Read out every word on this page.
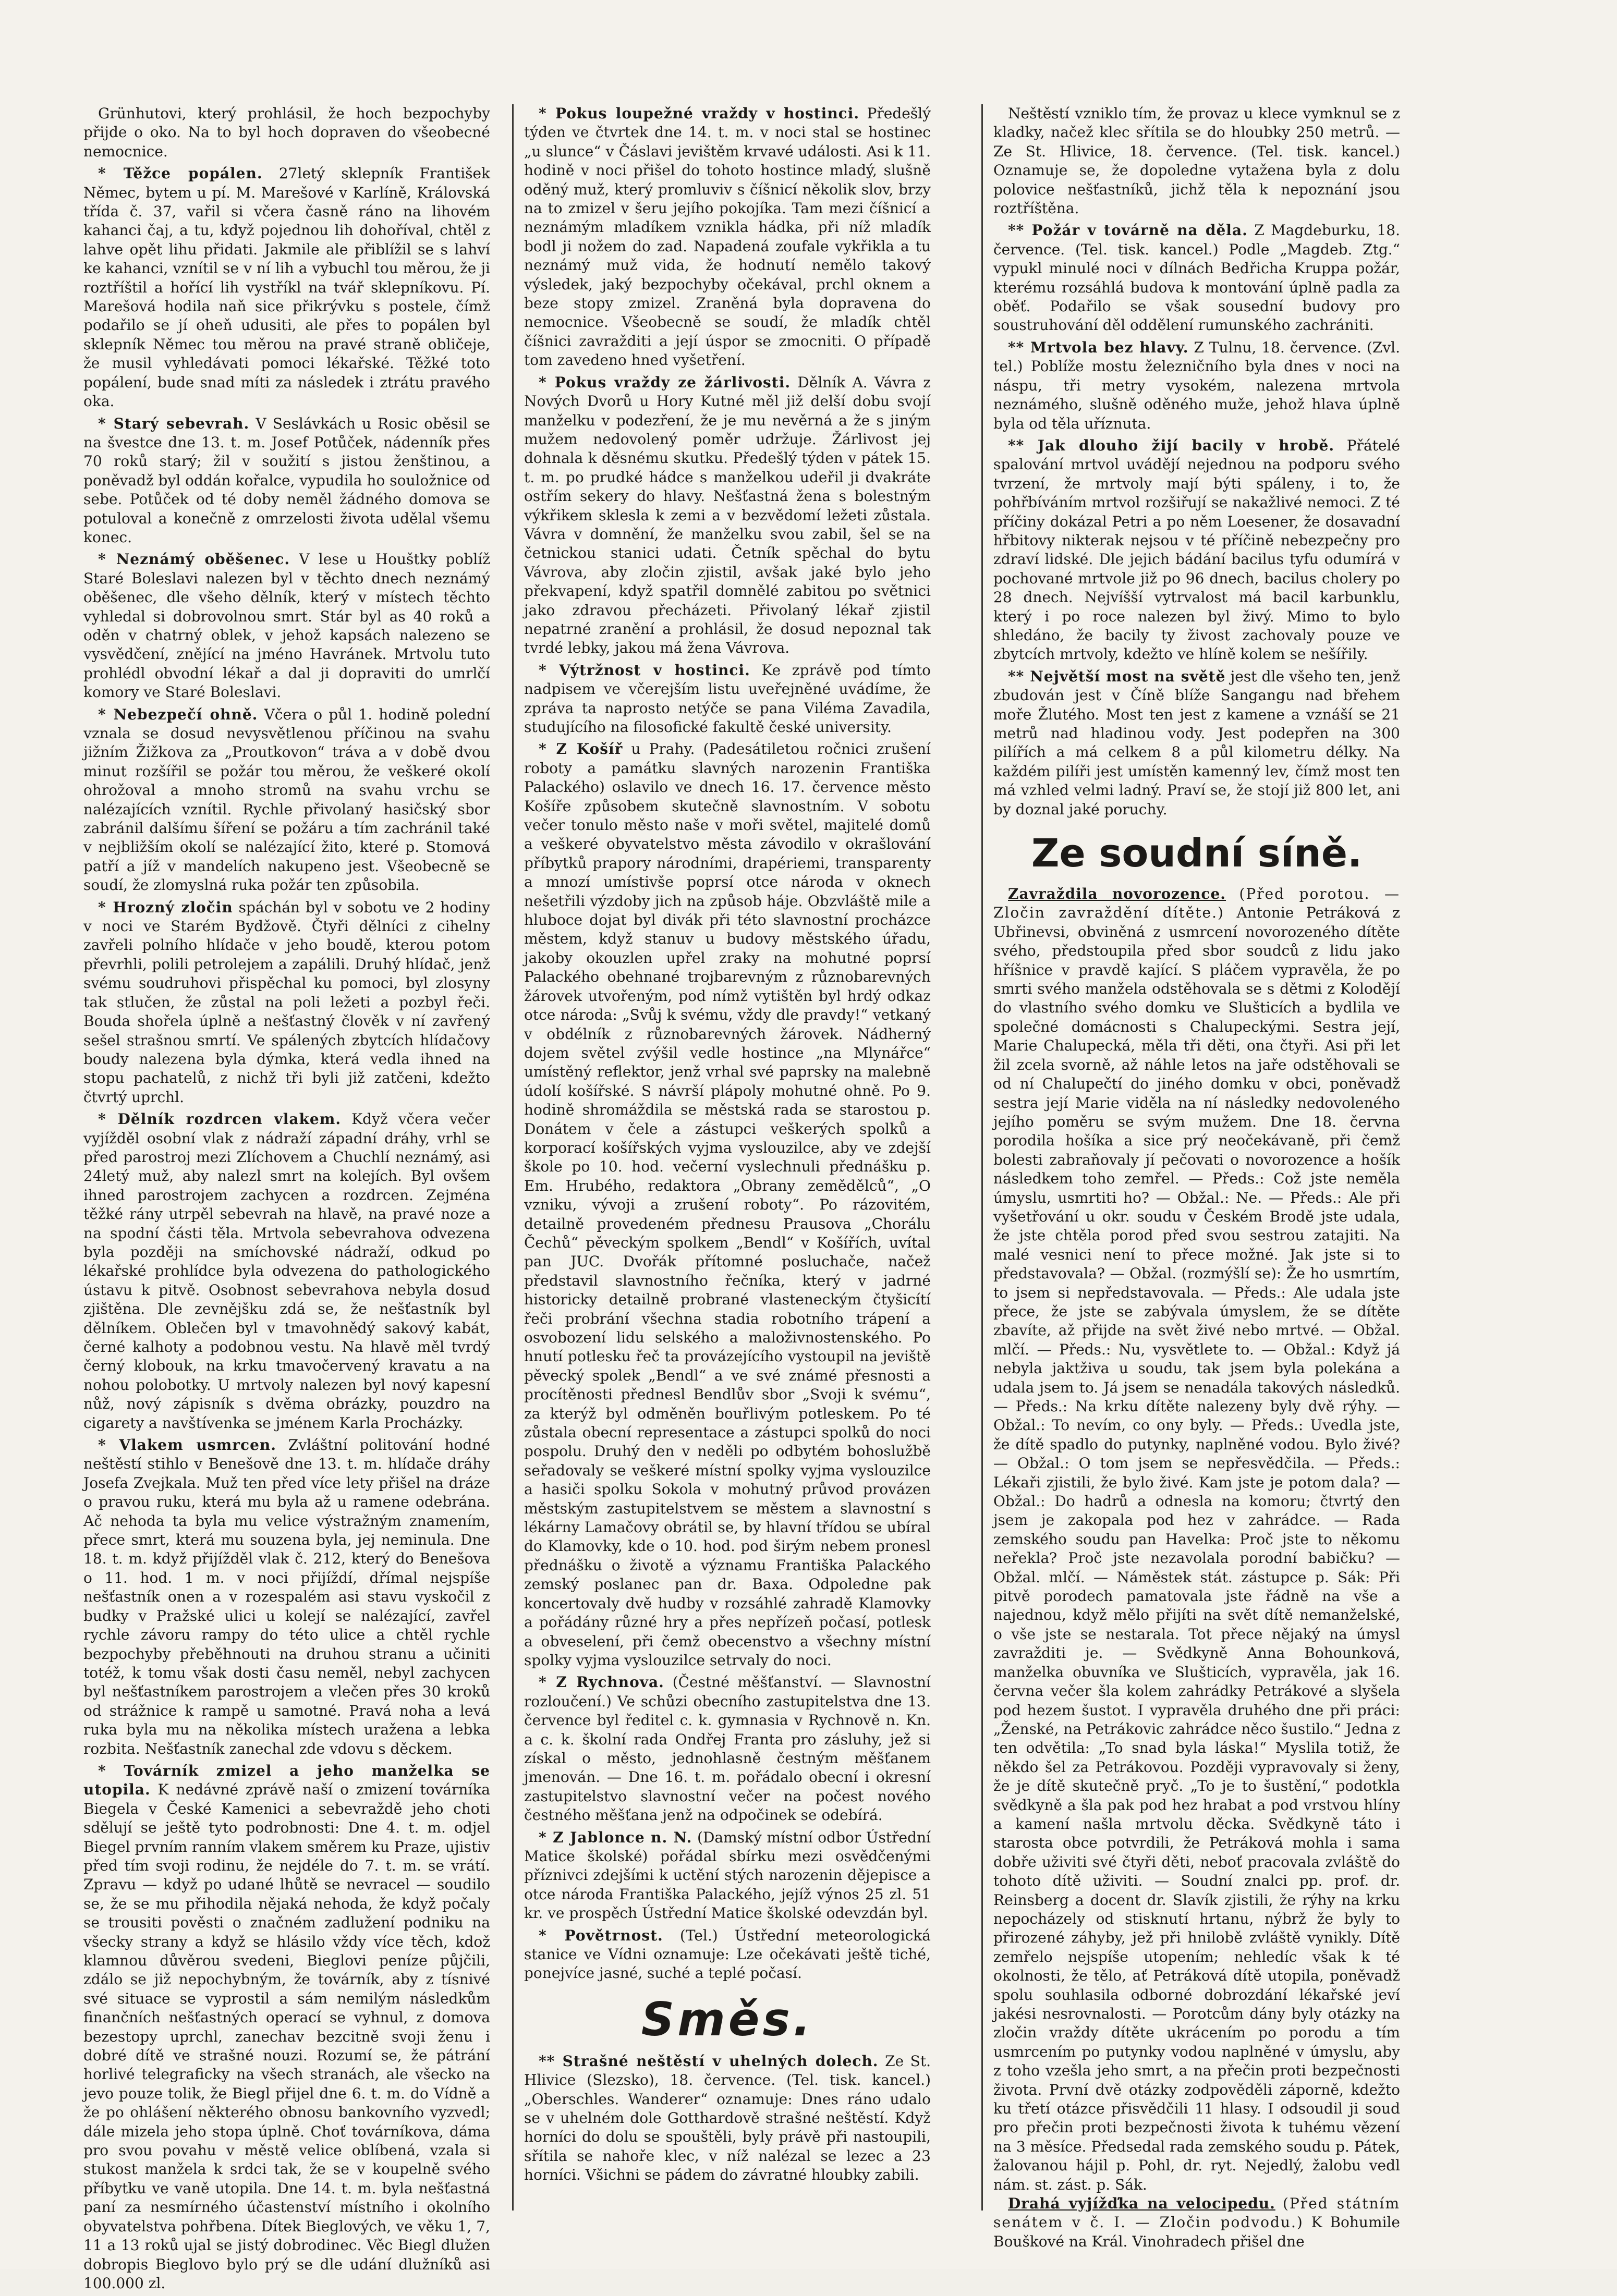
Grünhutovi, který prohlásil, že hoch bezpochyby přijde o oko. Na to byl hoch dopraven do všeobecné nemocnice.

* Těžce popálen. 27letý sklepník František Němec, bytem u pí. M. Marešové v Karlíně, Královská třída č. 37, vařil si včera časně ráno na lihovém kahanci čaj, a tu, když pojednou lih dohoříval, chtěl z lahve opět lihu přidati. Jakmile ale přiblížil se s lahví ke kahanci, vznítil se v ní lih a vybuchl tou měrou, že ji roztříštil a hořící lih vystříkl na tvář sklepníkovu. Pí. Marešová hodila naň sice přikrývku s postele, čímž podařilo se jí oheň udusiti, ale přes to popálen byl sklepník Němec tou měrou na pravé straně obličeje, že musil vyhledávati pomoci lékařské. Těžké toto popálení, bude snad míti za následek i ztrátu pravého oka.

* Starý sebevrah. V Seslávkách u Rosic oběsil se na švestce dne 13. t. m. Josef Potůček, nádenník přes 70 roků starý; žil v soužití s jistou ženštinou, a poněvadž byl oddán kořalce, vypudila ho souložnice od sebe. Potůček od té doby neměl žádného domova se potuloval a konečně z omrzelosti života udělal všemu konec.

* Neznámý oběšenec. V lese u Houštky poblíž Staré Boleslavi nalezen byl v těchto dnech neznámý oběšenec, dle všeho dělník, který v místech těchto vyhledal si dobrovolnou smrt. Stár byl as 40 roků a oděn v chatrný oblek, v jehož kapsách nalezeno se vysvědčení, znějící na jméno Havránek. Mrtvolu tuto prohlédl obvodní lékař a dal ji dopraviti do umrlčí komory ve Staré Boleslavi.

* Nebezpečí ohně. Včera o půl 1. hodině polední vznala se dosud nevysvětlenou příčinou na svahu jižním Žižkova za „Proutkovon“ tráva a v době dvou minut rozšířil se požár tou měrou, že veškeré okolí ohrožoval a mnoho stromů na svahu vrchu se nalézajících vznítil. Rychle přivolaný hasičský sbor zabránil dalšímu šíření se požáru a tím zachránil také v nejbližším okolí se nalézající žito, které p. Stomová patří a jíž v mandelích nakupeno jest. Všeobecně se soudí, že zlomyslná ruka požár ten způsobila.

* Hrozný zločin spáchán byl v sobotu ve 2 hodiny v noci ve Starém Bydžově. Čtyři dělníci z cihelny zavřeli polního hlídače v jeho boudě, kterou potom převrhli, polili petrolejem a zapálili. Druhý hlídač, jenž svému soudruhovi přispěchal ku pomoci, byl zlosyny tak stlučen, že zůstal na poli ležeti a pozbyl řeči. Bouda shořela úplně a nešťastný člověk v ní zavřený sešel strašnou smrtí. Ve spálených zbytcích hlídačovy boudy nalezena byla dýmka, která vedla ihned na stopu pachatelů, z nichž tři byli již zatčeni, kdežto čtvrtý uprchl.

* Dělník rozdrcen vlakem. Když včera večer vyjížděl osobní vlak z nádraží západní dráhy, vrhl se před parostroj mezi Zlíchovem a Chuchlí neznámý, asi 24letý muž, aby nalezl smrt na kolejích. Byl ovšem ihned parostrojem zachycen a rozdrcen. Zejména těžké rány utrpěl sebevrah na hlavě, na pravé noze a na spodní části těla. Mrtvola sebevrahova odvezena byla později na smíchovské nádraží, odkud po lékařské prohlídce byla odvezena do pathologického ústavu k pitvě. Osobnost sebevrahova nebyla dosud zjištěna. Dle zevnějšku zdá se, že nešťastník byl dělníkem. Oblečen byl v tmavohnědý sakový kabát, černé kalhoty a podobnou vestu. Na hlavě měl tvrdý černý klobouk, na krku tmavočervený kravatu a na nohou polobotky. U mrtvoly nalezen byl nový kapesní nůž, nový zápisník s dvěma obrázky, pouzdro na cigarety a navštívenka se jménem Karla Procházky.

* Vlakem usmrcen. Zvláštní politování hodné neštěstí stihlo v Benešově dne 13. t. m. hlídače dráhy Josefa Zvejkala. Muž ten před více lety přišel na dráze o pravou ruku, která mu byla až u ramene odebrána. Ač nehoda ta byla mu velice výstražným znamením, přece smrt, která mu souzena byla, jej neminula. Dne 18. t. m. když přijížděl vlak č. 212, který do Benešova o 11. hod. 1 m. v noci přijíždí, dřímal nejspíše nešťastník onen a v rozespalém asi stavu vyskočil z budky v Pražské ulici u kolejí se nalézající, zavřel rychle závoru rampy do této ulice a chtěl rychle bezpochyby přeběhnouti na druhou stranu a učiniti totéž, k tomu však dosti času neměl, nebyl zachycen byl nešťastníkem parostrojem a vlečen přes 30 kroků od strážnice k rampě u samotné. Pravá noha a levá ruka byla mu na několika místech uražena a lebka rozbita. Nešťastník zanechal zde vdovu s děckem.

* Továrník zmizel a jeho manželka se utopila. K nedávné zprávě naší o zmizení továrníka Biegela v České Kamenici a sebevraždě jeho choti sdělují se ještě tyto podrobnosti: Dne 4. t. m. odjel Biegel prvním ranním vlakem směrem ku Praze, ujistiv před tím svoji rodinu, že nejdéle do 7. t. m. se vrátí. Zpravu — když po udané lhůtě se nevracel — soudilo se, že se mu přihodila nějaká nehoda, že když počaly se trousiti pověsti o značném zadlužení podniku na všecky strany a když se hlásilo vždy více těch, kdož klamnou důvěrou svedeni, Bieglovi peníze půjčili, zdálo se již nepochybným, že továrník, aby z tísnivé své situace se vyprostil a sám nemilým následkům finančních nešťastných operací se vyhnul, z domova bezestopy uprchl, zanechav bezcitně svoji ženu i dobré dítě ve strašné nouzi. Rozumí se, že pátrání horlivé telegraficky na všech stranách, ale všecko na jevo pouze tolik, že Biegl přijel dne 6. t. m. do Vídně a že po ohlášení některého obnosu bankovního vyzvedl; dále mizela jeho stopa úplně. Choť továrníkova, dáma pro svou povahu v městě velice oblíbená, vzala si stukost manžela k srdci tak, že se v koupelně svého příbytku ve vaně utopila. Dne 14. t. m. byla nešťastná paní za nesmírného účastenství místního i okolního obyvatelstva pohřbena. Dítek Bieglových, ve věku 1, 7, 11 a 13 roků ujal se jistý dobrodinec. Věc Biegl dlužen dobropis Bieglovo bylo prý se dle udání dlužníků asi 100.000 zl.

* Pokus loupežné vraždy v hostinci. Předešlý týden ve čtvrtek dne 14. t. m. v noci stal se hostinec „u slunce“ v Čáslavi jevištěm krvavé události. Asi k 11. hodině v noci přišel do tohoto hostince mladý, slušně oděný muž, který promluviv s číšnicí několik slov, brzy na to zmizel v šeru jejího pokojíka. Tam mezi číšnicí a neznámým mladíkem vznikla hádka, při níž mladík bodl ji nožem do zad. Napadená zoufale vykřikla a tu neznámý muž vida, že hodnutí nemělo takový výsledek, jaký bezpochyby očekával, prchl oknem a beze stopy zmizel. Zraněná byla dopravena do nemocnice. Všeobecně se soudí, že mladík chtěl číšnici zavražditi a její úspor se zmocniti. O případě tom zavedeno hned vyšetření.

* Pokus vraždy ze žárlivosti. Dělník A. Vávra z Nových Dvorů u Hory Kutné měl již delší dobu svojí manželku v podezření, že je mu nevěrná a že s jiným mužem nedovolený poměr udržuje. Žárlivost jej dohnala k děsnému skutku. Předešlý týden v pátek 15. t. m. po prudké hádce s manželkou udeřil ji dvakráte ostřím sekery do hlavy. Nešťastná žena s bolestným výkřikem sklesla k zemi a v bezvědomí ležeti zůstala. Vávra v domnění, že manželku svou zabil, šel se na četnickou stanici udati. Četník spěchal do bytu Vávrova, aby zločin zjistil, avšak jaké bylo jeho překvapení, když spatřil domnělé zabitou po světnici jako zdravou přecházeti. Přivolaný lékař zjistil nepatrné zranění a prohlásil, že dosud nepoznal tak tvrdé lebky, jakou má žena Vávrova.

* Výtržnost v hostinci. Ke zprávě pod tímto nadpisem ve včerejším listu uveřejněné uvádíme, že zpráva ta naprosto netýče se pana Viléma Zavadila, studujícího na filosofické fakultě české university.

* Z Košíř u Prahy. (Padesátiletou ročnici zrušení roboty a památku slavných narozenin Františka Palackého) oslavilo ve dnech 16. 17. července město Košíře způsobem skutečně slavnostním. V sobotu večer tonulo město naše v moři světel, majitelé domů a veškeré obyvatelstvo města závodilo v okrašlování příbytků prapory národními, drapériemi, transparenty a mnozí umístivše poprsí otce národa v oknech nešetřili výzdoby jich na způsob háje. Obzvláště mile a hluboce dojat byl divák při této slavnostní procházce městem, když stanuv u budovy městského úřadu, jakoby okouzlen upřel zraky na mohutné poprsí Palackého obehnané trojbarevným z různobarevných žárovek utvořeným, pod nímž vytištěn byl hrdý odkaz otce národa: „Svůj k svému, vždy dle pravdy!“ vetkaný v obdélník z různobarevných žárovek. Nádherný dojem světel zvýšil vedle hostince „na Mlynářce“ umístěný reflektor, jenž vrhal své paprsky na malebně údolí košířské. S návrší plápoly mohutné ohně. Po 9. hodině shromáždila se městská rada se starostou p. Donátem v čele a zástupci veškerých spolků a korporací košířských vyjma vyslouzilce, aby ve zdejší škole po 10. hod. večerní vyslechnuli přednášku p. Em. Hrubého, redaktora „Obrany zemědělců“, „O vzniku, vývoji a zrušení roboty“. Po rázovitém, detailně provedeném přednesu Prausova „Chorálu Čechů“ pěveckým spolkem „Bendl“ v Košířích, uvítal pan JUC. Dvořák přítomné posluchače, načež představil slavnostního řečníka, který v jadrné historicky detailně probrané vlasteneckým čtyšicítí řeči probrání všechna stadia robotního trápení a osvobození lidu selského a maloživnostenského. Po hnutí potlesku řeč ta provázejícího vystoupil na jeviště pěvecký spolek „Bendl“ a ve své známé přesnosti a procítěnosti přednesl Bendlův sbor „Svoji k svému“, za kterýž byl odměněn bouřlivým potleskem. Po té zůstala obecní representace a zástupci spolků do noci pospolu. Druhý den v neděli po odbytém bohoslužbě seřadovaly se veškeré místní spolky vyjma vyslouzilce a hasiči spolku Sokola v mohutný průvod provázen městským zastupitelstvem se městem a slavnostní s lékárny Lamačovy obrátil se, by hlavní třídou se ubíral do Klamovky, kde o 10. hod. pod širým nebem pronesl přednášku o životě a významu Františka Palackého zemský poslanec pan dr. Baxa. Odpoledne pak koncertovaly dvě hudby v rozsáhlé zahradě Klamovky a pořádány různé hry a přes nepřízeň počasí, potlesk a obveselení, při čemž obecenstvo a všechny místní spolky vyjma vyslouzilce setrvaly do noci.

* Z Rychnova. (Čestné měšťanství. — Slavnostní rozloučení.) Ve schůzi obecního zastupitelstva dne 13. července byl ředitel c. k. gymnasia v Rychnově n. Kn. a c. k. školní rada Ondřej Franta pro zásluhy, jež si získal o město, jednohlasně čestným měšťanem jmenován. — Dne 16. t. m. pořádalo obecní i okresní zastupitelstvo slavnostní večer na počest nového čestného měšťana jenž na odpočinek se odebírá.

* Z Jablonce n. N. (Damský místní odbor Ústřední Matice školské) pořádal sbírku mezi osvědčenými příznivci zdejšími k uctění stých narozenin dějepisce a otce národa Františka Palackého, jejíž výnos 25 zl. 51 kr. ve prospěch Ústřední Matice školské odevzdán byl.

* Povětrnost. (Tel.) Ústřední meteorologická stanice ve Vídni oznamuje: Lze očekávati ještě tiché, ponejvíce jasné, suché a teplé počasí.

Směs.

** Strašné neštěstí v uhelných dolech. Ze St. Hlivice (Slezsko), 18. července. (Tel. tisk. kancel.) „Oberschles. Wanderer“ oznamuje: Dnes ráno udalo se v uhelném dole Gotthardově strašné neštěstí. Když horníci do dolu se spouštěli, byly právě při nastoupili, sřítila se nahoře klec, v níž nalézal se lezec a 23 horníci. Všichni se pádem do závratné hloubky zabili.

Neštěstí vzniklo tím, že provaz u klece vymknul se z kladky, načež klec sřítila se do hloubky 250 metrů. — Ze St. Hlivice, 18. července. (Tel. tisk. kancel.) Oznamuje se, že dopoledne vytažena byla z dolu polovice nešťastníků, jichž těla k nepoznání jsou roztříštěna.

** Požár v továrně na děla. Z Magdeburku, 18. července. (Tel. tisk. kancel.) Podle „Magdeb. Ztg.“ vypukl minulé noci v dílnách Bedřicha Kruppa požár, kterému rozsáhlá budova k montování úplně padla za oběť. Podařilo se však sousední budovy pro soustruhování děl oddělení rumunského zachrániti.

** Mrtvola bez hlavy. Z Tulnu, 18. července. (Zvl. tel.) Poblíže mostu železničního byla dnes v noci na náspu, tři metry vysokém, nalezena mrtvola neznámého, slušně oděného muže, jehož hlava úplně byla od těla uříznuta.

** Jak dlouho žijí bacily v hrobě. Přátelé spalování mrtvol uvádějí nejednou na podporu svého tvrzení, že mrtvoly mají býti spáleny, i to, že pohřbíváním mrtvol rozšiřují se nakažlivé nemoci. Z té příčiny dokázal Petri a po něm Loesener, že dosavadní hřbitovy nikterak nejsou v té příčině nebezpečny pro zdraví lidské. Dle jejich bádání bacilus tyfu odumírá v pochované mrtvole již po 96 dnech, bacilus cholery po 28 dnech. Nejvíšší vytrvalost má bacil karbunklu, který i po roce nalezen byl živý. Mimo to bylo shledáno, že bacily ty živost zachovaly pouze ve zbytcích mrtvoly, kdežto ve hlíně kolem se nešířily.

** Největší most na světě jest dle všeho ten, jenž zbudován jest v Číně blíže Sangangu nad břehem moře Žlutého. Most ten jest z kamene a vznáší se 21 metrů nad hladinou vody. Jest podepřen na 300 pilířích a má celkem 8 a půl kilometru délky. Na každém pilíři jest umístěn kamenný lev, čímž most ten má vzhled velmi ladný. Praví se, že stojí již 800 let, ani by doznal jaké poruchy.

Ze soudní síně.

Zavraždila novorozence. (Před porotou. — Zločin zavraždění dítěte.) Antonie Petráková z Ubřinevsi, obviněná z usmrcení novorozeného dítěte svého, předstoupila před sbor soudců z lidu jako hříšnice v pravdě kající. S pláčem vypravěla, že po smrti svého manžela odstěhovala se s dětmi z Kolodějí do vlastního svého domku ve Slušticích a bydlila ve společné domácnosti s Chalupeckými. Sestra její, Marie Chalupecká, měla tři děti, ona čtyři. Asi při let žil zcela svorně, až náhle letos na jaře odstěhovali se od ní Chalupečtí do jiného domku v obci, poněvadž sestra její Marie viděla na ní následky nedovoleného jejího poměru se svým mužem. Dne 18. června porodila hošíka a sice prý neočekávaně, při čemž bolesti zabraňovaly jí pečovati o novorozence a hošík následkem toho zemřel. — Předs.: Což jste neměla úmyslu, usmrtiti ho? — Obžal.: Ne. — Předs.: Ale při vyšetřování u okr. soudu v Českém Brodě jste udala, že jste chtěla porod před svou sestrou zatajiti. Na malé vesnici není to přece možné. Jak jste si to představovala? — Obžal. (rozmýšlí se): Že ho usmrtím, to jsem si nepředstavovala. — Předs.: Ale udala jste přece, že jste se zabývala úmyslem, že se dítěte zbavíte, až přijde na svět živé nebo mrtvé. — Obžal. mlčí. — Předs.: Nu, vysvětlete to. — Obžal.: Když já nebyla jaktživa u soudu, tak jsem byla polekána a udala jsem to. Já jsem se nenadála takových následků. — Předs.: Na krku dítěte nalezeny byly dvě rýhy. — Obžal.: To nevím, co ony byly. — Předs.: Uvedla jste, že dítě spadlo do putynky, naplněné vodou. Bylo živé? — Obžal.: O tom jsem se nepřesvědčila. — Předs.: Lékaři zjistili, že bylo živé. Kam jste je potom dala? — Obžal.: Do hadrů a odnesla na komoru; čtvrtý den jsem je zakopala pod hez v zahrádce. — Rada zemského soudu pan Havelka: Proč jste to někomu neřekla? Proč jste nezavolala porodní babičku? — Obžal. mlčí. — Náměstek stát. zástupce p. Sák: Při pitvě porodech pamatovala jste řádně na vše a najednou, když mělo přijíti na svět dítě nemanželské, o vše jste se nestarala. Tot přece nějaký na úmysl zavražditi je. — Svědkyně Anna Bohounková, manželka obuvníka ve Slušticích, vypravěla, jak 16. června večer šla kolem zahrádky Petrákové a slyšela pod hezem šustot. I vypravěla druhého dne při práci: „Ženské, na Petrákovic zahrádce něco šustilo.“ Jedna z ten odvětila: „To snad byla láska!“ Myslila totiž, že někdo šel za Petrákovou. Později vypravovaly si ženy, že je dítě skutečně pryč. „To je to šustění,“ podotkla svědkyně a šla pak pod hez hrabat a pod vrstvou hlíny a kamení našla mrtvolu děcka. Svědkyně táto i starosta obce potvrdili, že Petráková mohla i sama dobře uživiti své čtyři děti, neboť pracovala zvláště do tohoto dítě uživiti. — Soudní znalci pp. prof. dr. Reinsberg a docent dr. Slavík zjistili, že rýhy na krku nepocházely od stisknutí hrtanu, nýbrž že byly to přirozené záhyby, jež při hnilobě zvláště vynikly. Dítě zemřelo nejspíše utopením; nehledíc však k té okolnosti, že tělo, ať Petráková dítě utopila, poněvadž spolu souhlasila odborné dobrozdání lékařské jeví jakési nesrovnalosti. — Porotcům dány byly otázky na zločin vraždy dítěte ukrácením po porodu a tím usmrcením po putynky vodou naplněné v úmyslu, aby z toho vzešla jeho smrt, a na přečin proti bezpečnosti života. První dvě otázky zodpověděli záporně, kdežto ku třetí otázce přisvědčili 11 hlasy. I odsoudil ji soud pro přečin proti bezpečnosti života k tuhému vězení na 3 měsíce. Předsedal rada zemského soudu p. Pátek, žalovanou hájil p. Pohl, dr. ryt. Nejedlý, žalobu vedl nám. st. zást. p. Sák.

Drahá vyjížďka na velocipedu. (Před státním senátem v č. I. — Zločin podvodu.) K Bohumile Bouškové na Král. Vinohradech přišel dne
